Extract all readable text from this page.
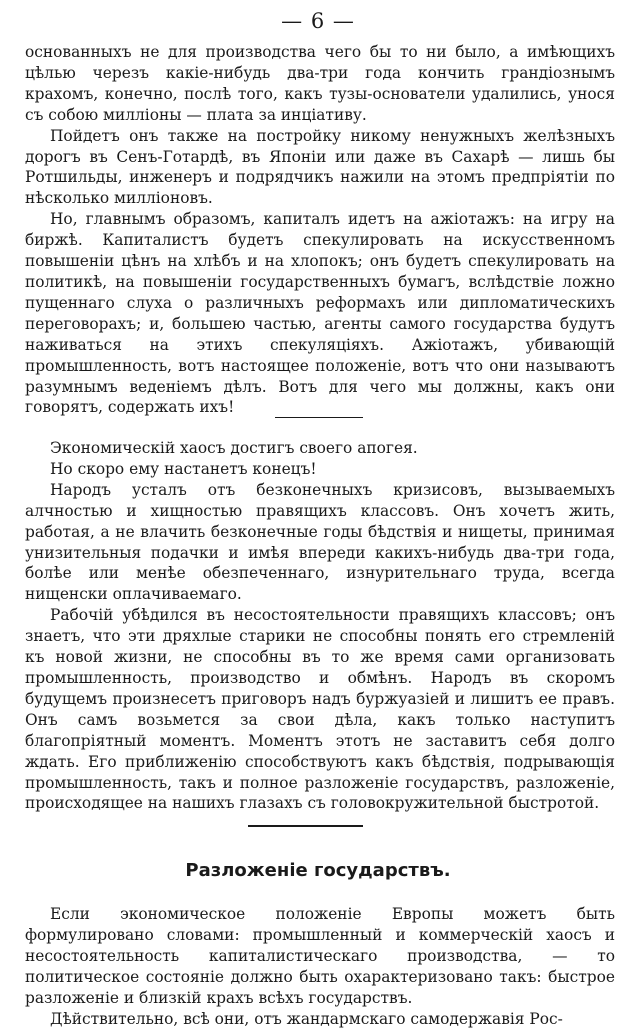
— 6 —

основанныхъ не для производства чего бы то ни было, а имѣющихъ цѣлью черезъ какіе-нибудь два-три года кончить грандіознымъ крахомъ, конечно, послѣ того, какъ тузы-основатели удалились, унося съ собою милліоны — плата за инціативу.

Пойдетъ онъ также на постройку никому ненужныхъ желѣзныхъ дорогъ въ Сенъ-Готардѣ, въ Японіи или даже въ Сахарѣ — лишь бы Ротшильды, инженеръ и подрядчикъ нажили на этомъ предпріятіи по нѣсколько милліоновъ.

Но, главнымъ образомъ, капиталъ идетъ на ажіотажъ: на игру на биржѣ. Капиталистъ будетъ спекулировать на искусственномъ повышеніи цѣнъ на хлѣбъ и на хлопокъ; онъ будетъ спекулировать на политикѣ, на повышеніи государственныхъ бумагъ, вслѣдствіе ложно пущеннаго слуха о различныхъ реформахъ или дипломатическихъ переговорахъ; и, большею частью, агенты самого государства будутъ наживаться на этихъ спекуляціяхъ. Ажіотажъ, убивающій промышленность, вотъ настоящее положеніе, вотъ что они называютъ разумнымъ веденіемъ дѣлъ. Вотъ для чего мы должны, какъ они говорятъ, содержать ихъ!

Экономическій хаосъ достигъ своего апогея.

Но скоро ему настанетъ конецъ!

Народъ усталъ отъ безконечныхъ кризисовъ, вызываемыхъ алчностью и хищностью правящихъ классовъ. Онъ хочетъ жить, работая, а не влачить безконечные годы бѣдствія и нищеты, принимая унизительныя подачки и имѣя впереди какихъ-нибудь два-три года, болѣе или менѣе обезпеченнаго, изнурительнаго труда, всегда нищенски оплачиваемаго.

Рабочій убѣдился въ несостоятельности правящихъ классовъ; онъ знаетъ, что эти дряхлые старики не способны понять его стремленій къ новой жизни, не способны въ то же время сами организовать промышленность, производство и обмѣнъ. Народъ въ скоромъ будущемъ произнесетъ приговоръ надъ буржуазіей и лишитъ ее правъ. Онъ самъ возьмется за свои дѣла, какъ только наступитъ благопріятный моментъ. Моментъ этотъ не заставитъ себя долго ждать. Его приближенію способствуютъ какъ бѣдствія, подрывающія промышленность, такъ и полное разложеніе государствъ, разложеніе, происходящее на нашихъ глазахъ съ головокружительной быстротой.

Разложеніе государствъ.

Если экономическое положеніе Европы можетъ быть формулировано словами: промышленный и коммерческій хаосъ и несостоятельность капиталистическаго производства, — то политическое состояніе должно быть охарактеризовано такъ: быстрое разложеніе и близкій крахъ всѣхъ государствъ.

Дѣйствительно, всѣ они, отъ жандармскаго самодержавія Рос-
